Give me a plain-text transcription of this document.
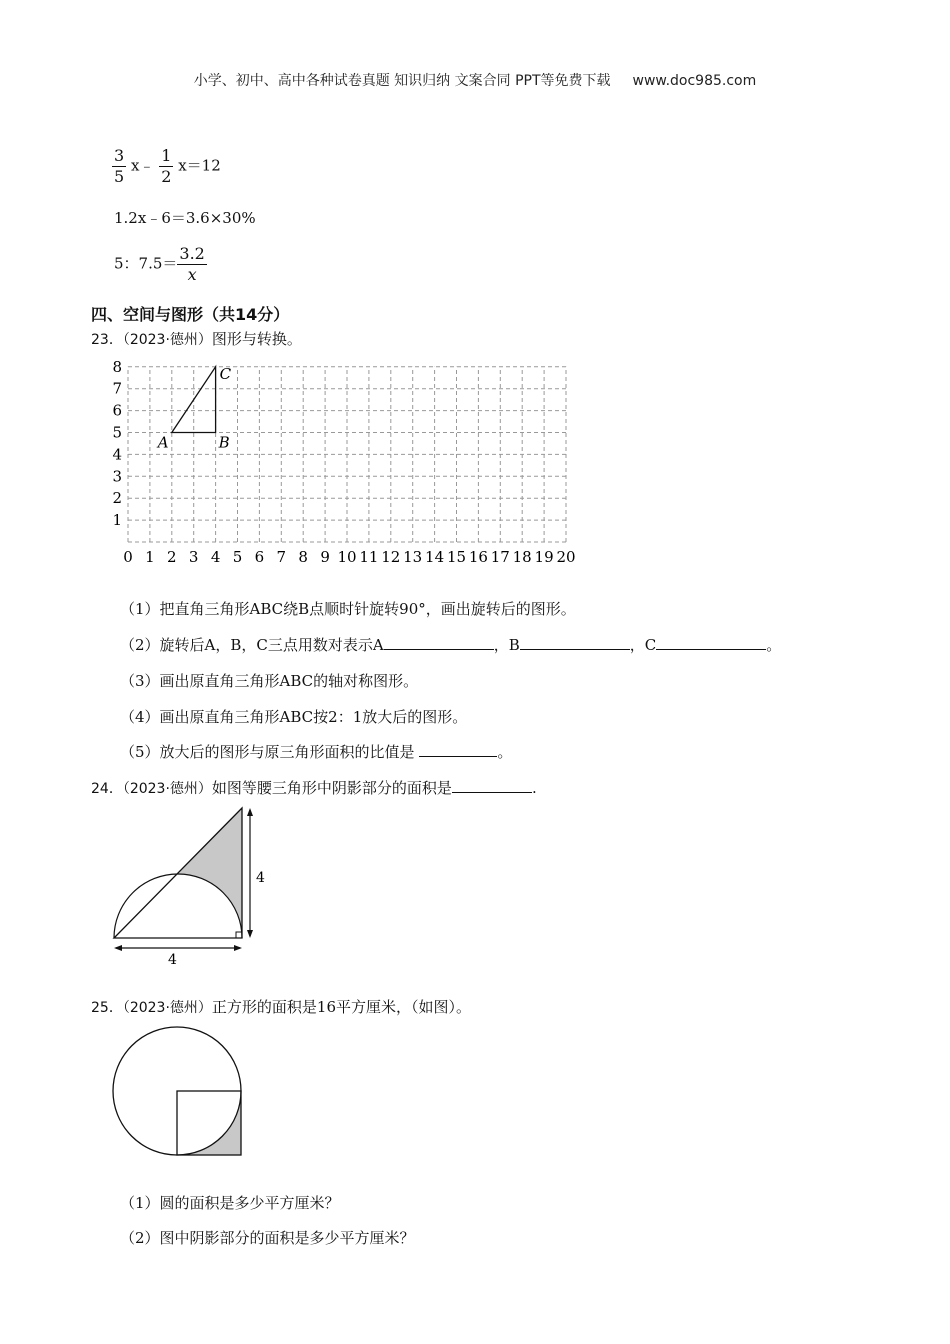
小学、初中、高中各种试卷真题 知识归纳 文案合同 PPT等免费下载 www.doc985.com
$\frac{3}{5}$ x﹣ $\frac{1}{2} x=12$
1.2x﹣6＝3.6×30%
5：$7.5= \frac{3.2}{x}$
四、空间与图形（共14分）
23．（2023·德州）图形与转换。
0 1 2 3 4 5 6 7 8 9 10 11 12 13 14 15 16 17 18 19 20
1
2
3
4
5
6
7
8
A	B
C
（1）把直角三角形ABC绕B点顺时针旋转90°，画出旋转后的图形。
（2）旋转后A，B，C三点用数对表示A	，B	，C	。
（3）画出原直角三角形ABC的轴对称图形。
（4）画出原直角三角形ABC按2：1放大后的图形。
（5）放大后的图形与原三角形面积的比值是	。
24．（2023·德州）如图等腰三角形中阴影部分的面积是	.
4
4
25．（2023·德州）正方形的面积是16平方厘米，（如图）。
（1）圆的面积是多少平方厘米？
（2）图中阴影部分的面积是多少平方厘米？
